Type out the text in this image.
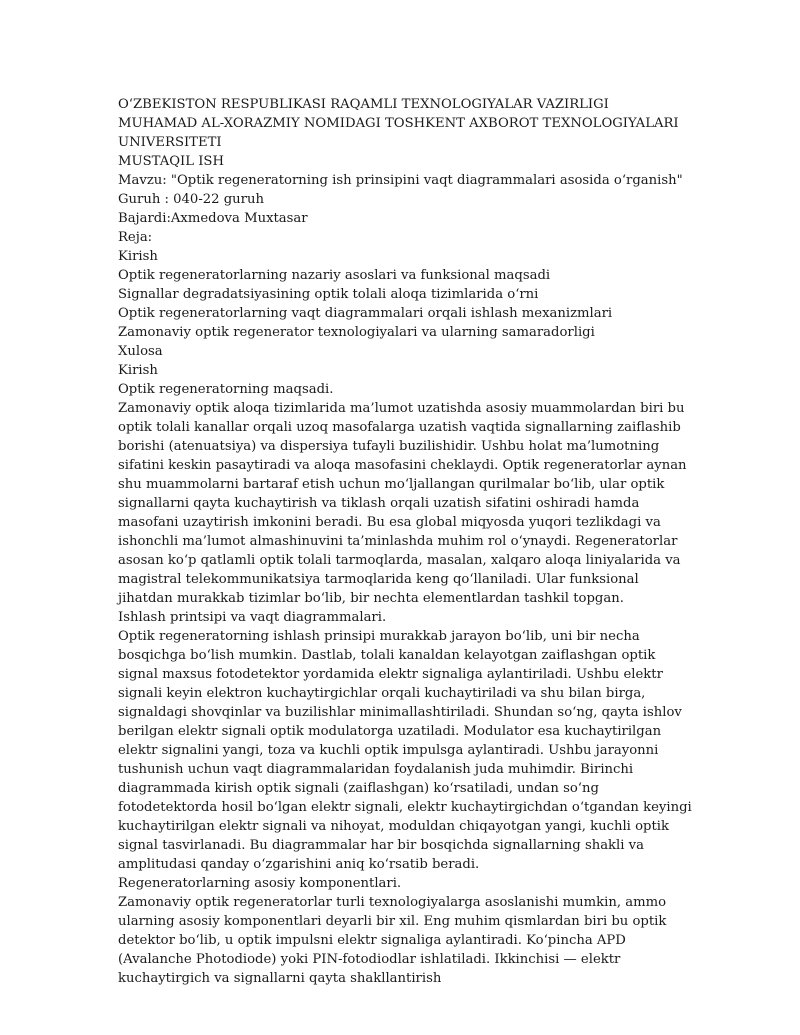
O‘ZBEKISTON RESPUBLIKASI RAQAMLI TEXNOLOGIYALAR VAZIRLIGI
MUHAMAD AL-XORAZMIY NOMIDAGI TOSHKENT AXBOROT TEXNOLOGIYALARI UNIVERSITETI
MUSTAQIL ISH
Mavzu: "Optik regeneratorning ish prinsipini vaqt diagrammalari asosida o‘rganish"
Guruh : 040-22 guruh
Bajardi:Axmedova Muxtasar
Reja:
Kirish
Optik regeneratorlarning nazariy asoslari va funksional maqsadi
Signallar degradatsiyasining optik tolali aloqa tizimlarida o‘rni
Optik regeneratorlarning vaqt diagrammalari orqali ishlash mexanizmlari
Zamonaviy optik regenerator texnologiyalari va ularning samaradorligi
Xulosa
Kirish
Optik regeneratorning maqsadi.
Zamonaviy optik aloqa tizimlarida ma’lumot uzatishda asosiy muammolardan biri bu optik tolali kanallar orqali uzoq masofalarga uzatish vaqtida signallarning zaiflashib borishi (atenuatsiya) va dispersiya tufayli buzilishidir. Ushbu holat ma’lumotning sifatini keskin pasaytiradi va aloqa masofasini cheklaydi. Optik regeneratorlar aynan shu muammolarni bartaraf etish uchun mo‘ljallangan qurilmalar bo‘lib, ular optik signallarni qayta kuchaytirish va tiklash orqali uzatish sifatini oshiradi hamda masofani uzaytirish imkonini beradi. Bu esa global miqyosda yuqori tezlikdagi va ishonchli ma’lumot almashinuvini ta’minlashda muhim rol o‘ynaydi. Regeneratorlar asosan ko‘p qatlamli optik tolali tarmoqlarda, masalan, xalqaro aloqa liniyalarida va magistral telekommunikatsiya tarmoqlarida keng qo‘llaniladi. Ular funksional jihatdan murakkab tizimlar bo‘lib, bir nechta elementlardan tashkil topgan.
Ishlash printsipi va vaqt diagrammalari.
Optik regeneratorning ishlash prinsipi murakkab jarayon bo‘lib, uni bir necha bosqichga bo‘lish mumkin. Dastlab, tolali kanaldan kelayotgan zaiflashgan optik signal maxsus fotodetektor yordamida elektr signaliga aylantiriladi. Ushbu elektr signali keyin elektron kuchaytirgichlar orqali kuchaytiriladi va shu bilan birga, signaldagi shovqinlar va buzilishlar minimallashtiriladi. Shundan so‘ng, qayta ishlov berilgan elektr signali optik modulatorga uzatiladi. Modulator esa kuchaytirilgan elektr signalini yangi, toza va kuchli optik impulsga aylantiradi. Ushbu jarayonni tushunish uchun vaqt diagrammalaridan foydalanish juda muhimdir. Birinchi diagrammada kirish optik signali (zaiflashgan) ko‘rsatiladi, undan so‘ng fotodetektorda hosil bo‘lgan elektr signali, elektr kuchaytirgichdan o‘tgandan keyingi kuchaytirilgan elektr signali va nihoyat, moduldan chiqayotgan yangi, kuchli optik signal tasvirlanadi. Bu diagrammalar har bir bosqichda signallarning shakli va amplitudasi qanday o‘zgarishini aniq ko‘rsatib beradi.
Regeneratorlarning asosiy komponentlari.
Zamonaviy optik regeneratorlar turli texnologiyalarga asoslanishi mumkin, ammo ularning asosiy komponentlari deyarli bir xil. Eng muhim qismlardan biri bu optik detektor bo‘lib, u optik impulsni elektr signaliga aylantiradi. Ko‘pincha APD (Avalanche Photodiode) yoki PIN-fotodiodlar ishlatiladi. Ikkinchisi — elektr kuchaytirgich va signallarni qayta shakllantirish
